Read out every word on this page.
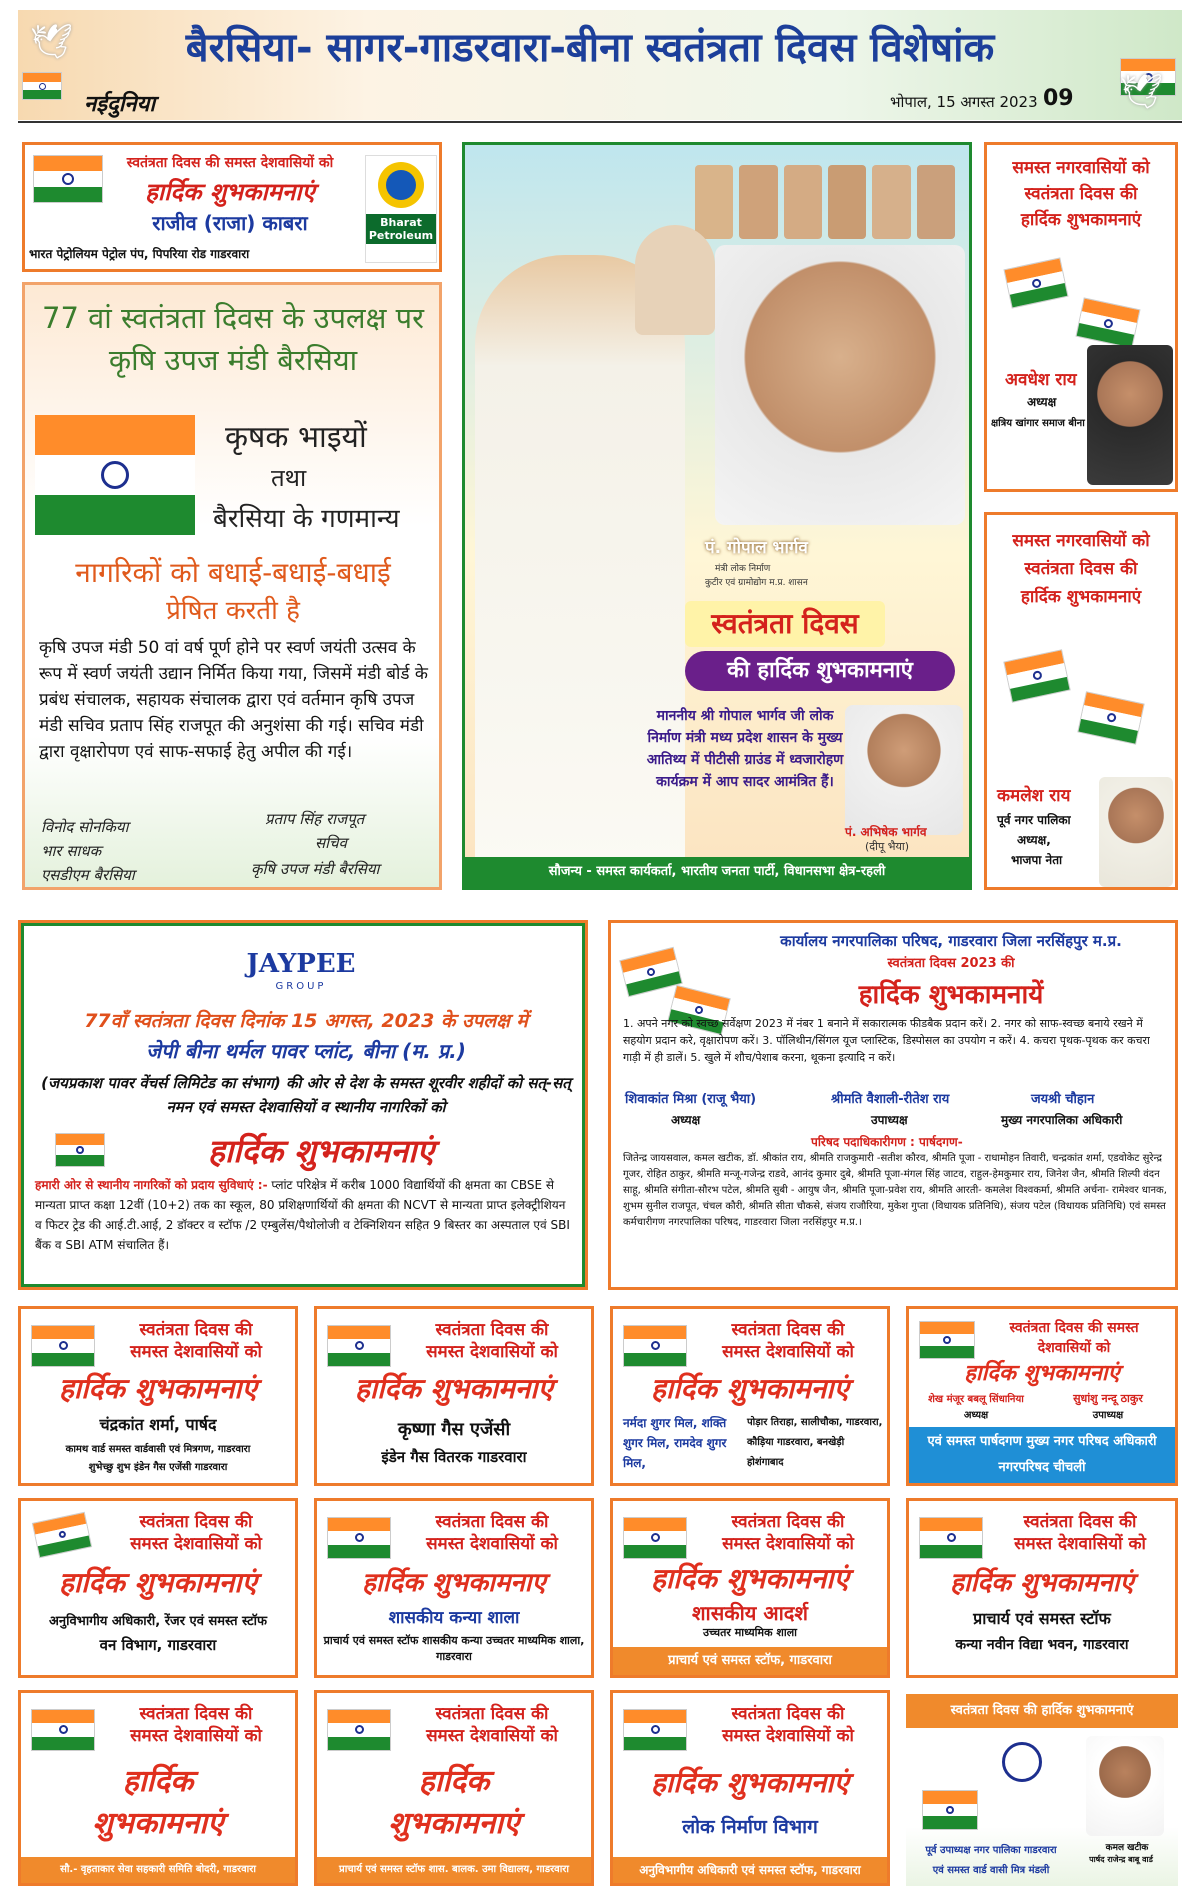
🕊
🕊
बैरसिया- सागर-गाडरवारा-बीना स्वतंत्रता दिवस विशेषांक
नईदुनिया	भोपाल, 15 अगस्त 2023 09
स्वतंत्रता दिवस की समस्त देशवासियों को
हार्दिक शुभकामनाएं
राजीव (राजा) काबरा
भारत पेट्रोलियम पेट्रोल पंप, पिपरिया रोड गाडरवारा
Bharat
Petroleum
77 वां स्वतंत्रता दिवस के उपलक्ष पर कृषि उपज मंडी बैरसिया
कृषक भाइयों
तथा
बैरसिया के गणमान्य
नागरिकों को बधाई-बधाई-बधाई
प्रेषित करती है
कृषि उपज मंडी 50 वां वर्ष पूर्ण होने पर स्वर्ण जयंती उत्सव के रूप में स्वर्ण जयंती उद्यान निर्मित किया गया, जिसमें मंडी बोर्ड के प्रबंध संचालक, सहायक संचालक द्वारा एवं वर्तमान कृषि उपज मंडी सचिव प्रताप सिंह राजपूत की अनुशंसा की गई। सचिव मंडी द्वारा वृक्षारोपण एवं साफ-सफाई हेतु अपील की गई।
विनोद सोनकिया
भार साधक
एसडीएम बैरसिया
प्रताप सिंह राजपूत
सचिव
कृषि उपज मंडी बैरसिया
पं. गोपाल भार्गव
मंत्री लोक निर्माण
कुटीर एवं ग्रामोद्योग म.प्र. शासन
स्वतंत्रता दिवस
की हार्दिक शुभकामनाएं
माननीय श्री गोपाल भार्गव जी लोक निर्माण मंत्री मध्य प्रदेश शासन के मुख्य आतिथ्य में पीटीसी ग्राउंड में ध्वजारोहण कार्यक्रम में आप सादर आमंत्रित हैं।
पं. अभिषेक भार्गव
(दीपू भैया)
सौजन्य - समस्त कार्यकर्ता, भारतीय जनता पार्टी, विधानसभा क्षेत्र-रहली
समस्त नगरवासियों को
स्वतंत्रता दिवस की
हार्दिक शुभकामनाएं
अवधेश राय
अध्यक्ष
क्षत्रिय खांगार समाज बीना
समस्त नगरवासियों को
स्वतंत्रता दिवस की
हार्दिक शुभकामनाएं
कमलेश राय
पूर्व नगर पालिका
अध्यक्ष,
भाजपा नेता
JAYPEE
GROUP
77वाँ स्वतंत्रता दिवस दिनांक 15 अगस्त, 2023 के उपलक्ष में
जेपी बीना थर्मल पावर प्लांट, बीना (म. प्र.)
(जयप्रकाश पावर वेंचर्स लिमिटेड का संभाग) की ओर से देश के समस्त शूरवीर शहीदों को सत्-सत् नमन एवं समस्त देशवासियों व स्थानीय नागरिकों को
हार्दिक शुभकामनाएं
हमारी ओर से स्थानीय नागरिकों को प्रदाय सुविधाएं :- प्लांट परिक्षेत्र में करीब 1000 विद्यार्थियों की क्षमता का CBSE से मान्यता प्राप्त कक्षा 12वीं (10+2) तक का स्कूल, 80 प्रशिक्षणार्थियों की क्षमता की NCVT से मान्यता प्राप्त इलेक्ट्रीशियन व फिटर ट्रेड की आई.टी.आई, 2 डॉक्टर व स्टॉफ /2 एम्बुलेंस/पैथोलोजी व टेक्निशियन सहित 9 बिस्तर का अस्पताल एवं SBI बैंक व SBI ATM संचालित हैं।
कार्यालय नगरपालिका परिषद, गाडरवारा जिला नरसिंहपुर म.प्र.
स्वतंत्रता दिवस 2023 की
हार्दिक शुभकामनायें
1. अपने नगर को स्वच्छ सर्वेक्षण 2023 में नंबर 1 बनाने में सकारात्मक फीडबैक प्रदान करें। 2. नगर को साफ-स्वच्छ बनाये रखने में सहयोग प्रदान करे, वृक्षारोपण करें। 3. पॉलिथीन/सिंगल यूज प्लास्टिक, डिस्पोसल का उपयोग न करें। 4. कचरा पृथक-पृथक कर कचरा गाड़ी में ही डालें। 5. खुले में शौच/पेशाब करना, थूकना इत्यादि न करें।
शिवाकांत मिश्रा (राजू भैया)
अध्यक्ष
श्रीमति वैशाली-रीतेश राय
उपाध्यक्ष
जयश्री चौहान
मुख्य नगरपालिका अधिकारी
परिषद पदाधिकारीगण : पार्षदगण-
जितेन्द्र जायसवाल, कमल खटीक, डॉ. श्रीकांत राय, श्रीमति राजकुमारी -सतीश कौरव, श्रीमति पूजा - राधामोहन तिवारी, चन्द्रकांत शर्मा, एडवोकेट सुरेन्द्र गूजर, रोहित ठाकुर, श्रीमति मन्जू-गजेन्द्र राडवे, आनंद कुमार दुबे, श्रीमति पूजा-मंगल सिंह जाटव, राहुल-हेमकुमार राय, जिनेश जैन, श्रीमति शिल्पी वंदन साहू, श्रीमति संगीता-सौरभ पटेल, श्रीमति सुबी - आयुष जैन, श्रीमति पूजा-प्रवेश राय, श्रीमति आरती- कमलेश विश्वकर्मा, श्रीमति अर्चना- रामेश्वर धानक, शुभम सुनील राजपूत, चंचल कौरी, श्रीमति सीता चौकसे, संजय राजौरिया, मुकेश गुप्ता (विधायक प्रतिनिधि), संजय पटेल (विधायक प्रतिनिधि) एवं समस्त कर्मचारीगण नगरपालिका परिषद, गाडरवारा जिला नरसिंहपुर म.प्र.।
स्वतंत्रता दिवस की
समस्त देशवासियों को
हार्दिक शुभकामनाएं
चंद्रकांत शर्मा, पार्षद
कामथ वार्ड समस्त वार्डवासी एवं मित्रगण, गाडरवारा
शुभेच्छु शुभ इंडेन गैस एजेंसी गाडरवारा
स्वतंत्रता दिवस की
समस्त देशवासियों को
हार्दिक शुभकामनाएं
कृष्णा गैस एजेंसी
इंडेन गैस वितरक गाडरवारा
स्वतंत्रता दिवस की
समस्त देशवासियों को
हार्दिक शुभकामनाएं
नर्मदा शुगर मिल, शक्ति शुगर मिल, रामदेव शुगर मिल,
पोड़ार तिराहा, सालीचौका, गाडरवारा, कौड़िया गाडरवारा, बनखेड़ी होशंगाबाद
स्वतंत्रता दिवस की समस्त
देशवासियों को
हार्दिक शुभकामनाएं
शेख मंजूर बबलू सिंधानिया
अध्यक्ष
सुधांशु नन्दू ठाकुर
उपाध्यक्ष
एवं समस्त पार्षदगण मुख्य नगर परिषद अधिकारी नगरपरिषद चीचली
स्वतंत्रता दिवस की
समस्त देशवासियों को
हार्दिक शुभकामनाएं
अनुविभागीय अधिकारी, रेंजर एवं समस्त स्टॉफ
वन विभाग, गाडरवारा
स्वतंत्रता दिवस की
समस्त देशवासियों को
हार्दिक शुभकामनाए
शासकीय कन्या शाला
प्राचार्य एवं समस्त स्टॉफ शासकीय कन्या उच्चतर माध्यमिक शाला, गाडरवारा
स्वतंत्रता दिवस की
समस्त देशवासियों को
हार्दिक शुभकामनाएं
शासकीय आदर्श
उच्चतर माध्यमिक शाला
प्राचार्य एवं समस्त स्टॉफ, गाडरवारा
स्वतंत्रता दिवस की
समस्त देशवासियों को
हार्दिक शुभकामनाएं
प्राचार्य एवं समस्त स्टॉफ
कन्या नवीन विद्या भवन, गाडरवारा
स्वतंत्रता दिवस की
समस्त देशवासियों को
हार्दिक
शुभकामनाएं
सौ.- वृहताकार सेवा सहकारी समिति बोदरी, गाडरवारा
स्वतंत्रता दिवस की
समस्त देशवासियों को
हार्दिक
शुभकामनाएं
प्राचार्य एवं समस्त स्टॉफ शास. बालक. उमा विद्यालय, गाडरवारा
स्वतंत्रता दिवस की
समस्त देशवासियों को
हार्दिक शुभकामनाएं
लोक निर्माण विभाग
अनुविभागीय अधिकारी एवं समस्त स्टॉफ, गाडरवारा
स्वतंत्रता दिवस की हार्दिक शुभकामनाएं
कमल खटीक
पार्षद राजेन्द्र बाबू वार्ड
पूर्व उपाध्यक्ष नगर पालिका गाडरवारा
एवं समस्त वार्ड वासी मित्र मंडली
